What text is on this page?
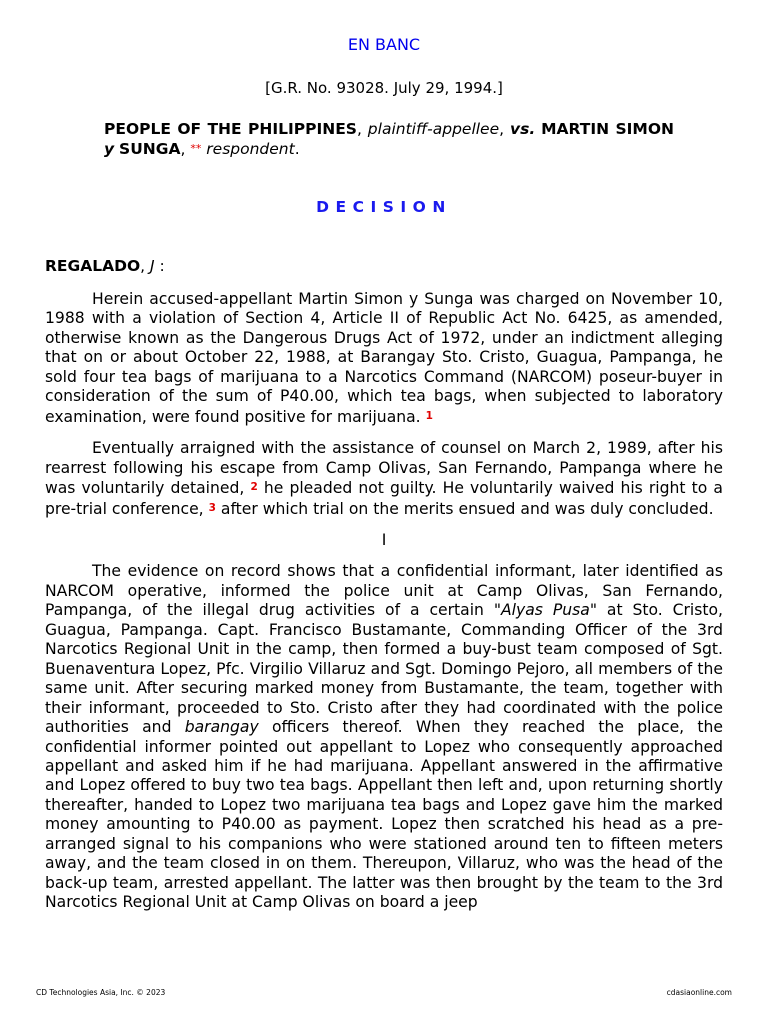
EN BANC
[G.R. No. 93028. July 29, 1994.]
PEOPLE OF THE PHILIPPINES, plaintiff-appellee, vs. MARTIN SIMON y SUNGA, ** respondent.
DECISION
REGALADO, J :

Herein accused-appellant Martin Simon y Sunga was charged on November 10, 1988 with a violation of Section 4, Article II of Republic Act No. 6425, as amended, otherwise known as the Dangerous Drugs Act of 1972, under an indictment alleging that on or about October 22, 1988, at Barangay Sto. Cristo, Guagua, Pampanga, he sold four tea bags of marijuana to a Narcotics Command (NARCOM) poseur-buyer in consideration of the sum of P40.00, which tea bags, when subjected to laboratory examination, were found positive for marijuana. $^1$

Eventually arraigned with the assistance of counsel on March 2, 1989, after his rearrest following his escape from Camp Olivas, San Fernando, Pampanga where he was voluntarily detained, $^2$ he pleaded not guilty. He voluntarily waived his right to a pre-trial conference, $^3$ after which trial on the merits ensued and was duly concluded.

I

The evidence on record shows that a confidential informant, later identified as NARCOM operative, informed the police unit at Camp Olivas, San Fernando, Pampanga, of the illegal drug activities of a certain "Alyas Pusa" at Sto. Cristo, Guagua, Pampanga. Capt. Francisco Bustamante, Commanding Officer of the 3rd Narcotics Regional Unit in the camp, then formed a buy-bust team composed of Sgt. Buenaventura Lopez, Pfc. Virgilio Villaruz and Sgt. Domingo Pejoro, all members of the same unit. After securing marked money from Bustamante, the team, together with their informant, proceeded to Sto. Cristo after they had coordinated with the police authorities and barangay officers thereof. When they reached the place, the confidential informer pointed out appellant to Lopez who consequently approached appellant and asked him if he had marijuana. Appellant answered in the affirmative and Lopez offered to buy two tea bags. Appellant then left and, upon returning shortly thereafter, handed to Lopez two marijuana tea bags and Lopez gave him the marked money amounting to P40.00 as payment. Lopez then scratched his head as a pre-arranged signal to his companions who were stationed around ten to fifteen meters away, and the team closed in on them. Thereupon, Villaruz, who was the head of the back-up team, arrested appellant. The latter was then brought by the team to the 3rd Narcotics Regional Unit at Camp Olivas on board a jeep

CD Technologies Asia, Inc. © 2023	cdasiaonline.com
